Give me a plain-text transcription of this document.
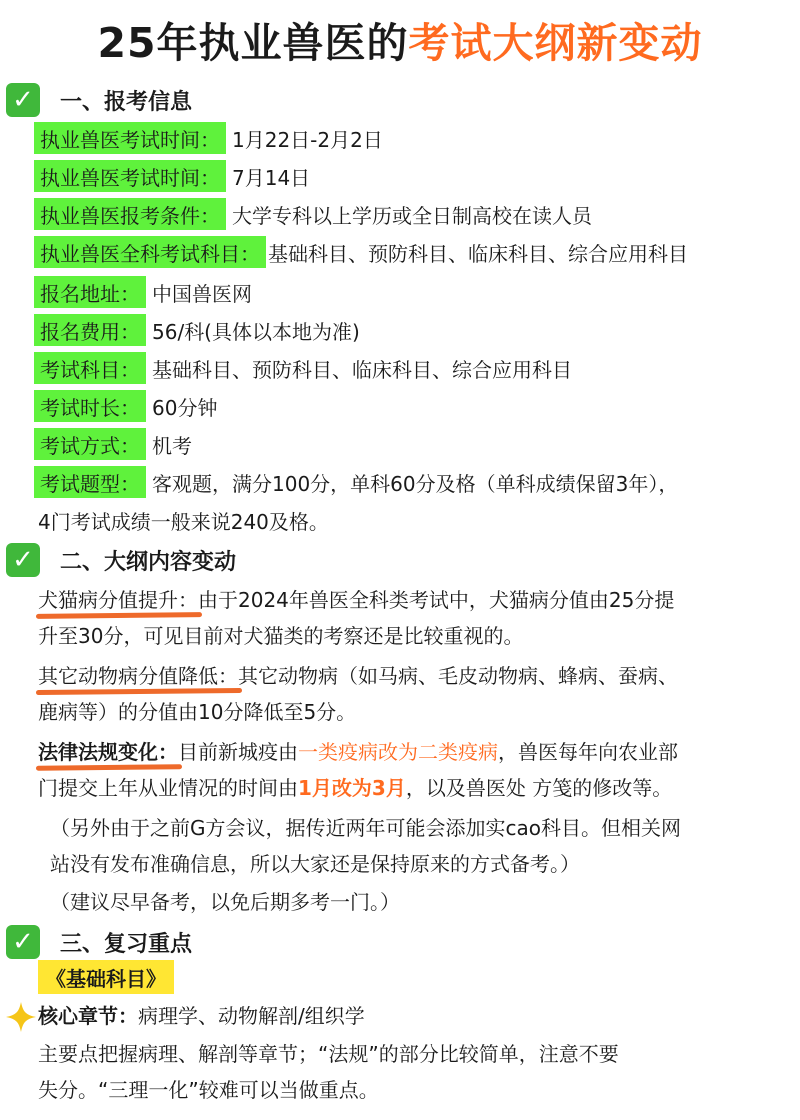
25年执业兽医的考试大纲新变动
✓ 一、报考信息
执业兽医考试时间： 1月22日-2月2日
执业兽医考试时间： 7月14日
执业兽医报考条件： 大学专科以上学历或全日制高校在读人员
执业兽医全科考试科目： 基础科目、预防科目、临床科目、综合应用科目
报名地址： 中国兽医网
报名费用： 56/科(具体以本地为准)
考试科目： 基础科目、预防科目、临床科目、综合应用科目
考试时长： 60分钟
考试方式： 机考
考试题型： 客观题，满分100分，单科60分及格（单科成绩保留3年），
4门考试成绩一般来说240及格。
✓ 二、大纲内容变动
犬猫病分值提升：由于2024年兽医全科类考试中，犬猫病分值由25分提
升至30分，可见目前对犬猫类的考察还是比较重视的。
其它动物病分值降低：其它动物病（如马病、毛皮动物病、蜂病、蚕病、
鹿病等）的分值由10分降低至5分。
法律法规变化：目前新城疫由一类疫病改为二类疫病，兽医每年向农业部
门提交上年从业情况的时间由1月改为3月，以及兽医处 方笺的修改等。
（另外由于之前G方会议，据传近两年可能会添加实cao科目。但相关网
站没有发布准确信息，所以大家还是保持原来的方式备考。）
（建议尽早备考，以免后期多考一门。）
✓ 三、复习重点
《基础科目》
核心章节：病理学、动物解剖/组织学
主要点把握病理、解剖等章节；“法规”的部分比较简单，注意不要
失分。“三理一化”较难可以当做重点。
